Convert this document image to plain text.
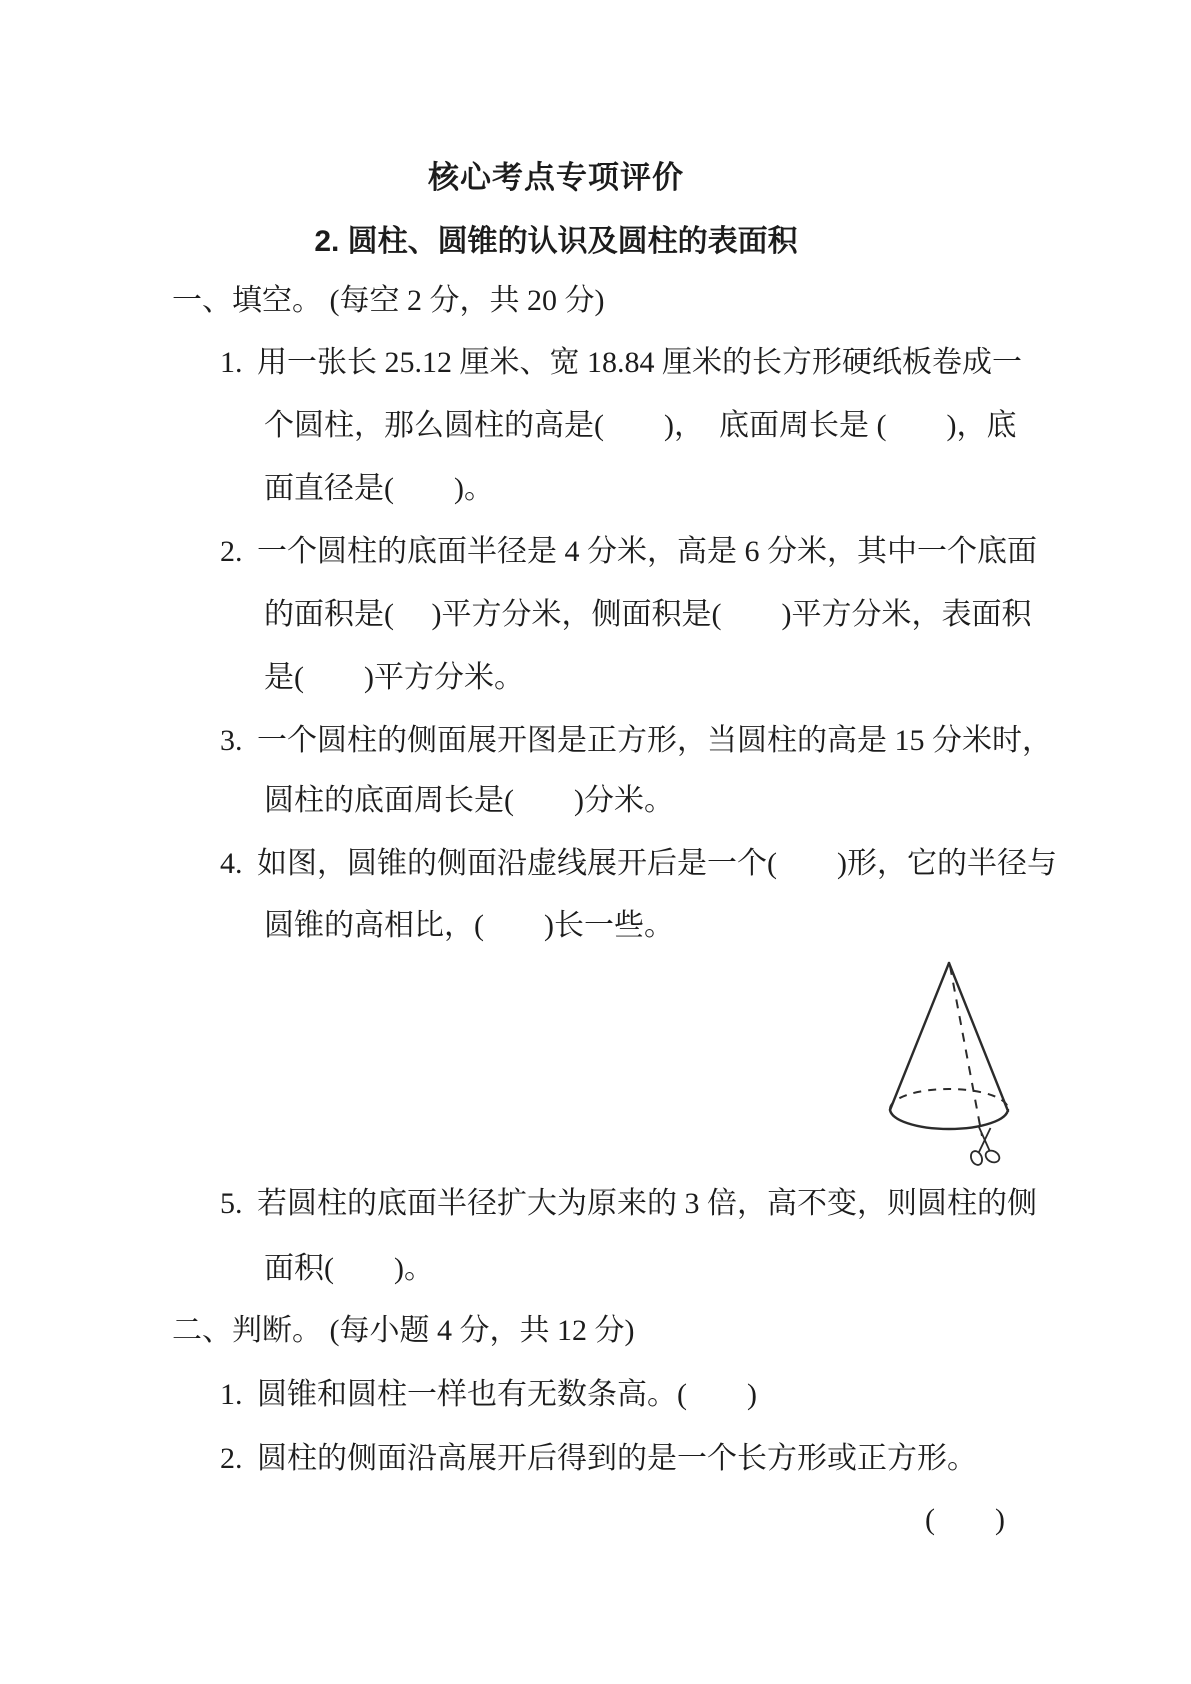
核心考点专项评价
2. 圆柱、圆锥的认识及圆柱的表面积
一、填空。 (每空 2 分，共 20 分)
1. 用一张长 25.12 厘米、宽 18.84 厘米的长方形硬纸板卷成一
个圆柱，那么圆柱的高是(　　)，　底面周长是 (　　)，底
面直径是(　　)。
2. 一个圆柱的底面半径是 4 分米，高是 6 分米，其中一个底面
的面积是(　 )平方分米，侧面积是(　　)平方分米，表面积
是(　　)平方分米。
3. 一个圆柱的侧面展开图是正方形，当圆柱的高是 15 分米时，
圆柱的底面周长是(　　)分米。
4. 如图，圆锥的侧面沿虚线展开后是一个(　　)形，它的半径与
圆锥的高相比，(　　)长一些。
5. 若圆柱的底面半径扩大为原来的 3 倍，高不变，则圆柱的侧
面积(　　)。
二、判断。 (每小题 4 分，共 12 分)
1. 圆锥和圆柱一样也有无数条高。(　　)
2. 圆柱的侧面沿高展开后得到的是一个长方形或正方形。
(　　)
